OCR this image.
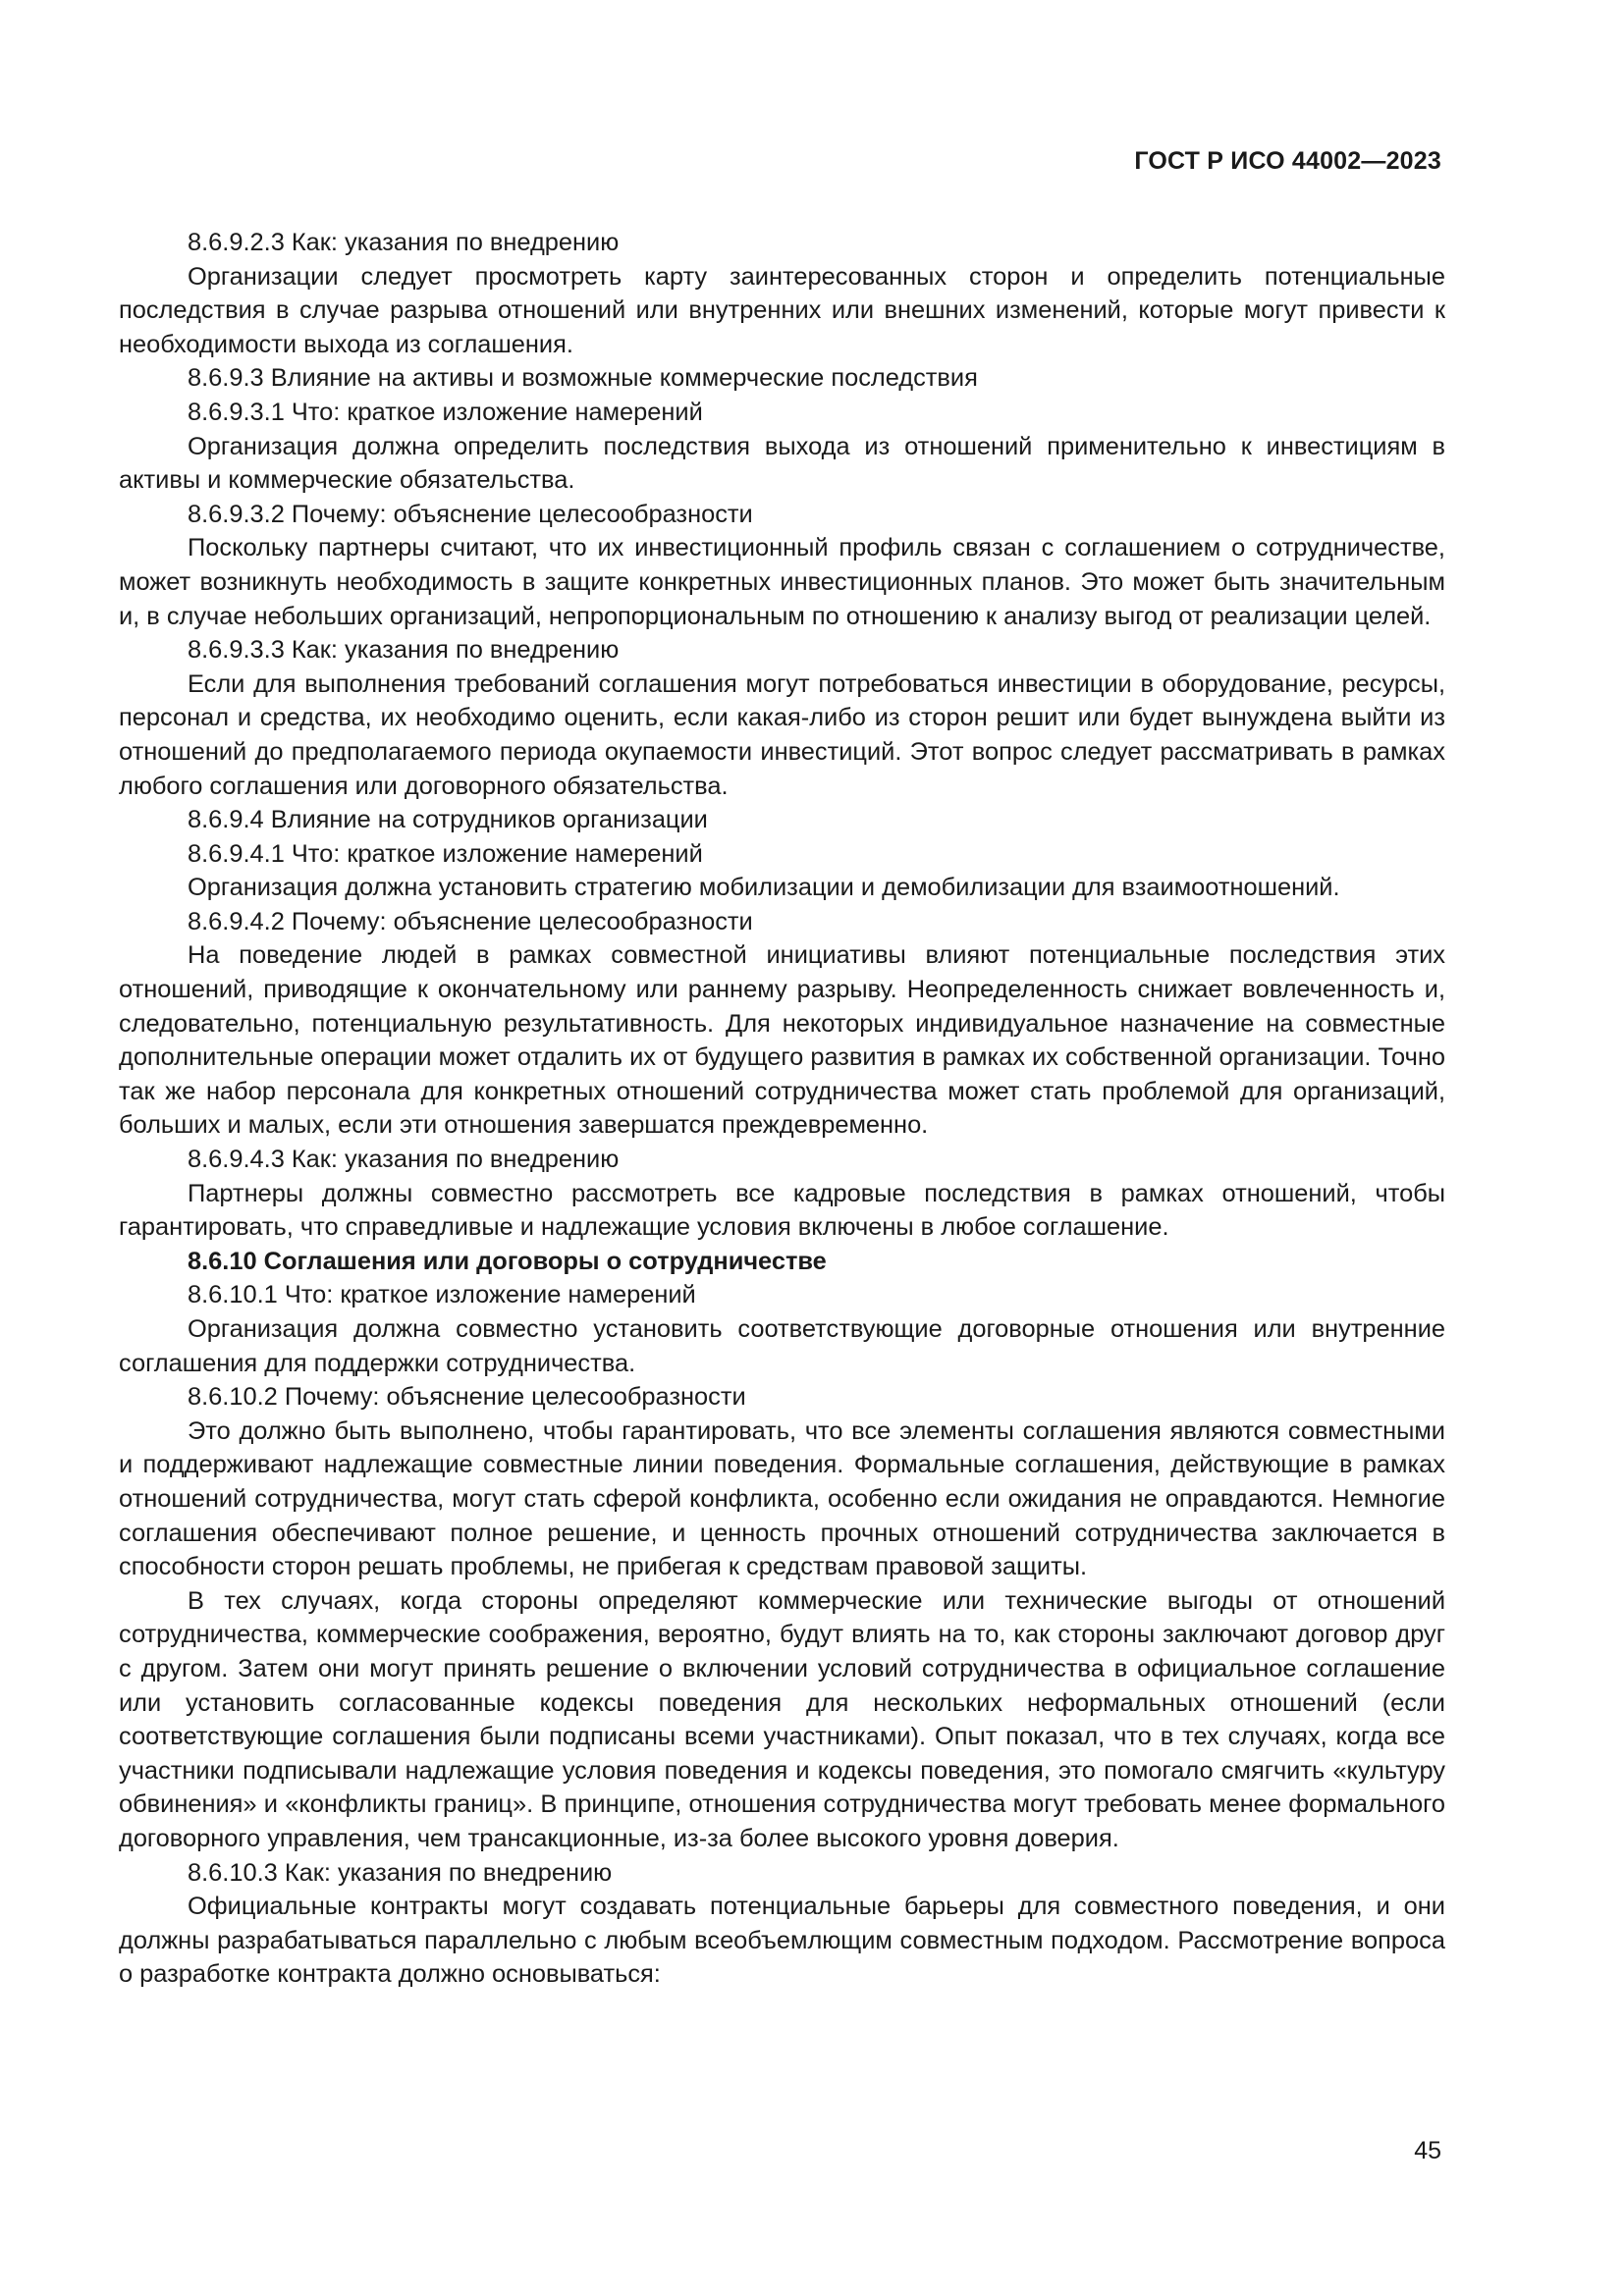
ГОСТ Р ИСО 44002—2023

8.6.9.2.3 Как: указания по внедрению

Организации следует просмотреть карту заинтересованных сторон и определить потенциальные последствия в случае разрыва отношений или внутренних или внешних изменений, которые могут привести к необходимости выхода из соглашения.

8.6.9.3 Влияние на активы и возможные коммерческие последствия

8.6.9.3.1 Что: краткое изложение намерений

Организация должна определить последствия выхода из отношений применительно к инвестициям в активы и коммерческие обязательства.

8.6.9.3.2 Почему: объяснение целесообразности

Поскольку партнеры считают, что их инвестиционный профиль связан с соглашением о сотрудничестве, может возникнуть необходимость в защите конкретных инвестиционных планов. Это может быть значительным и, в случае небольших организаций, непропорциональным по отношению к анализу выгод от реализации целей.

8.6.9.3.3 Как: указания по внедрению

Если для выполнения требований соглашения могут потребоваться инвестиции в оборудование, ресурсы, персонал и средства, их необходимо оценить, если какая-либо из сторон решит или будет вынуждена выйти из отношений до предполагаемого периода окупаемости инвестиций. Этот вопрос следует рассматривать в рамках любого соглашения или договорного обязательства.

8.6.9.4 Влияние на сотрудников организации

8.6.9.4.1 Что: краткое изложение намерений

Организация должна установить стратегию мобилизации и демобилизации для взаимоотношений.

8.6.9.4.2 Почему: объяснение целесообразности

На поведение людей в рамках совместной инициативы влияют потенциальные последствия этих отношений, приводящие к окончательному или раннему разрыву. Неопределенность снижает вовлеченность и, следовательно, потенциальную результативность. Для некоторых индивидуальное назначение на совместные дополнительные операции может отдалить их от будущего развития в рамках их собственной организации. Точно так же набор персонала для конкретных отношений сотрудничества может стать проблемой для организаций, больших и малых, если эти отношения завершатся преждевременно.

8.6.9.4.3 Как: указания по внедрению

Партнеры должны совместно рассмотреть все кадровые последствия в рамках отношений, чтобы гарантировать, что справедливые и надлежащие условия включены в любое соглашение.

8.6.10 Соглашения или договоры о сотрудничестве

8.6.10.1 Что: краткое изложение намерений

Организация должна совместно установить соответствующие договорные отношения или внутренние соглашения для поддержки сотрудничества.

8.6.10.2 Почему: объяснение целесообразности

Это должно быть выполнено, чтобы гарантировать, что все элементы соглашения являются совместными и поддерживают надлежащие совместные линии поведения. Формальные соглашения, действующие в рамках отношений сотрудничества, могут стать сферой конфликта, особенно если ожидания не оправдаются. Немногие соглашения обеспечивают полное решение, и ценность прочных отношений сотрудничества заключается в способности сторон решать проблемы, не прибегая к средствам правовой защиты.

В тех случаях, когда стороны определяют коммерческие или технические выгоды от отношений сотрудничества, коммерческие соображения, вероятно, будут влиять на то, как стороны заключают договор друг с другом. Затем они могут принять решение о включении условий сотрудничества в официальное соглашение или установить согласованные кодексы поведения для нескольких неформальных отношений (если соответствующие соглашения были подписаны всеми участниками). Опыт показал, что в тех случаях, когда все участники подписывали надлежащие условия поведения и кодексы поведения, это помогало смягчить «культуру обвинения» и «конфликты границ». В принципе, отношения сотрудничества могут требовать менее формального договорного управления, чем трансакционные, из-за более высокого уровня доверия.

8.6.10.3 Как: указания по внедрению

Официальные контракты могут создавать потенциальные барьеры для совместного поведения, и они должны разрабатываться параллельно с любым всеобъемлющим совместным подходом. Рассмотрение вопроса о разработке контракта должно основываться:

45
